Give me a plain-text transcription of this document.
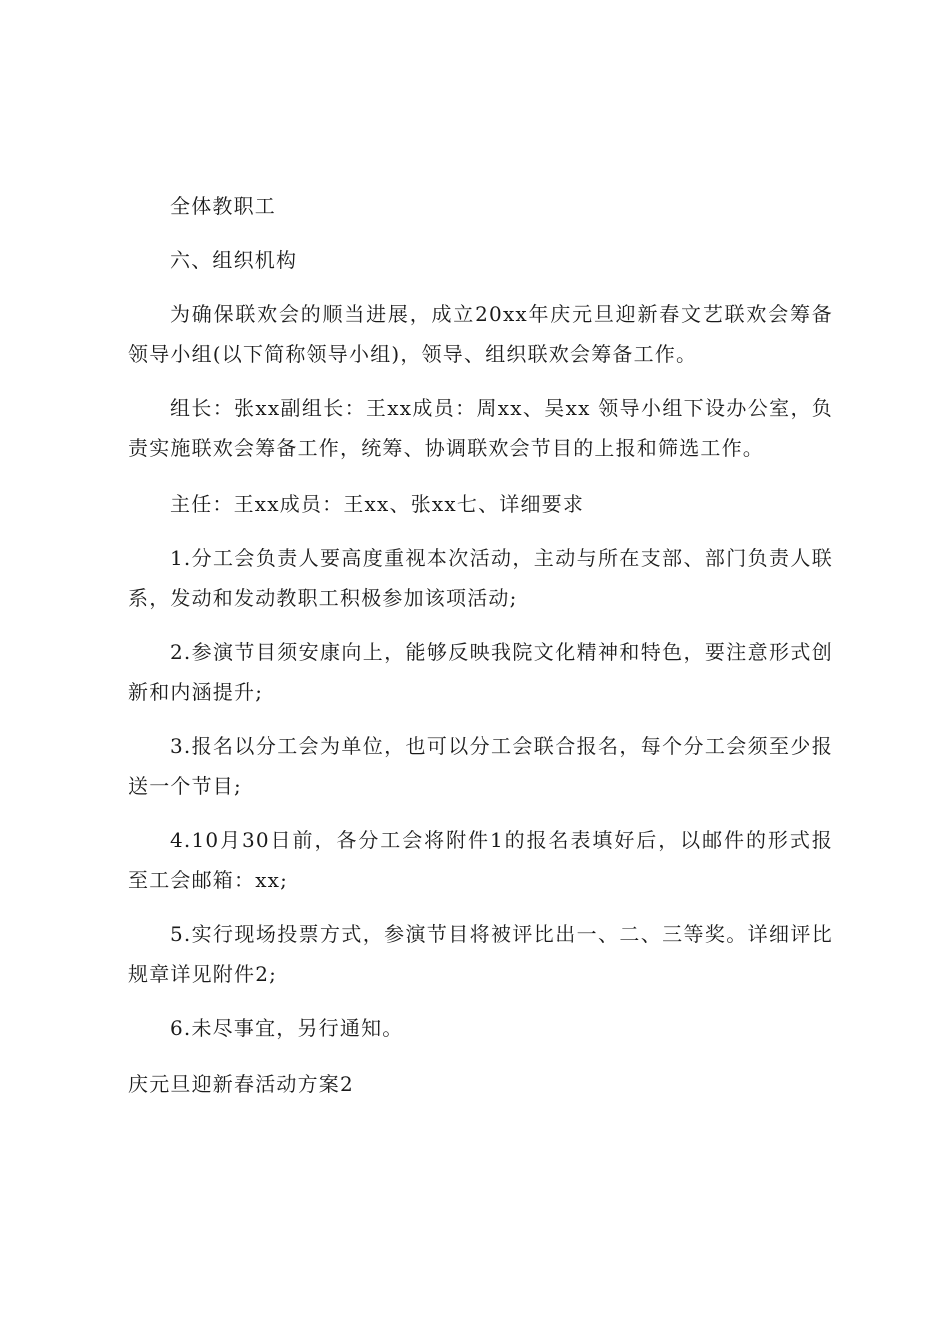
全体教职工

六、组织机构

为确保联欢会的顺当进展，成立20xx年庆元旦迎新春文艺联欢会筹备领导小组(以下简称领导小组)，领导、组织联欢会筹备工作。

组长：张xx副组长：王xx成员：周xx、吴xx 领导小组下设办公室，负责实施联欢会筹备工作，统筹、协调联欢会节目的上报和筛选工作。

主任：王xx成员：王xx、张xx七、详细要求

1.分工会负责人要高度重视本次活动，主动与所在支部、部门负责人联系，发动和发动教职工积极参加该项活动;

2.参演节目须安康向上，能够反映我院文化精神和特色，要注意形式创新和内涵提升;

3.报名以分工会为单位，也可以分工会联合报名，每个分工会须至少报送一个节目;

4.10月30日前，各分工会将附件1的报名表填好后，以邮件的形式报至工会邮箱：xx;

5.实行现场投票方式，参演节目将被评比出一、二、三等奖。详细评比规章详见附件2;

6.未尽事宜，另行通知。

庆元旦迎新春活动方案2
